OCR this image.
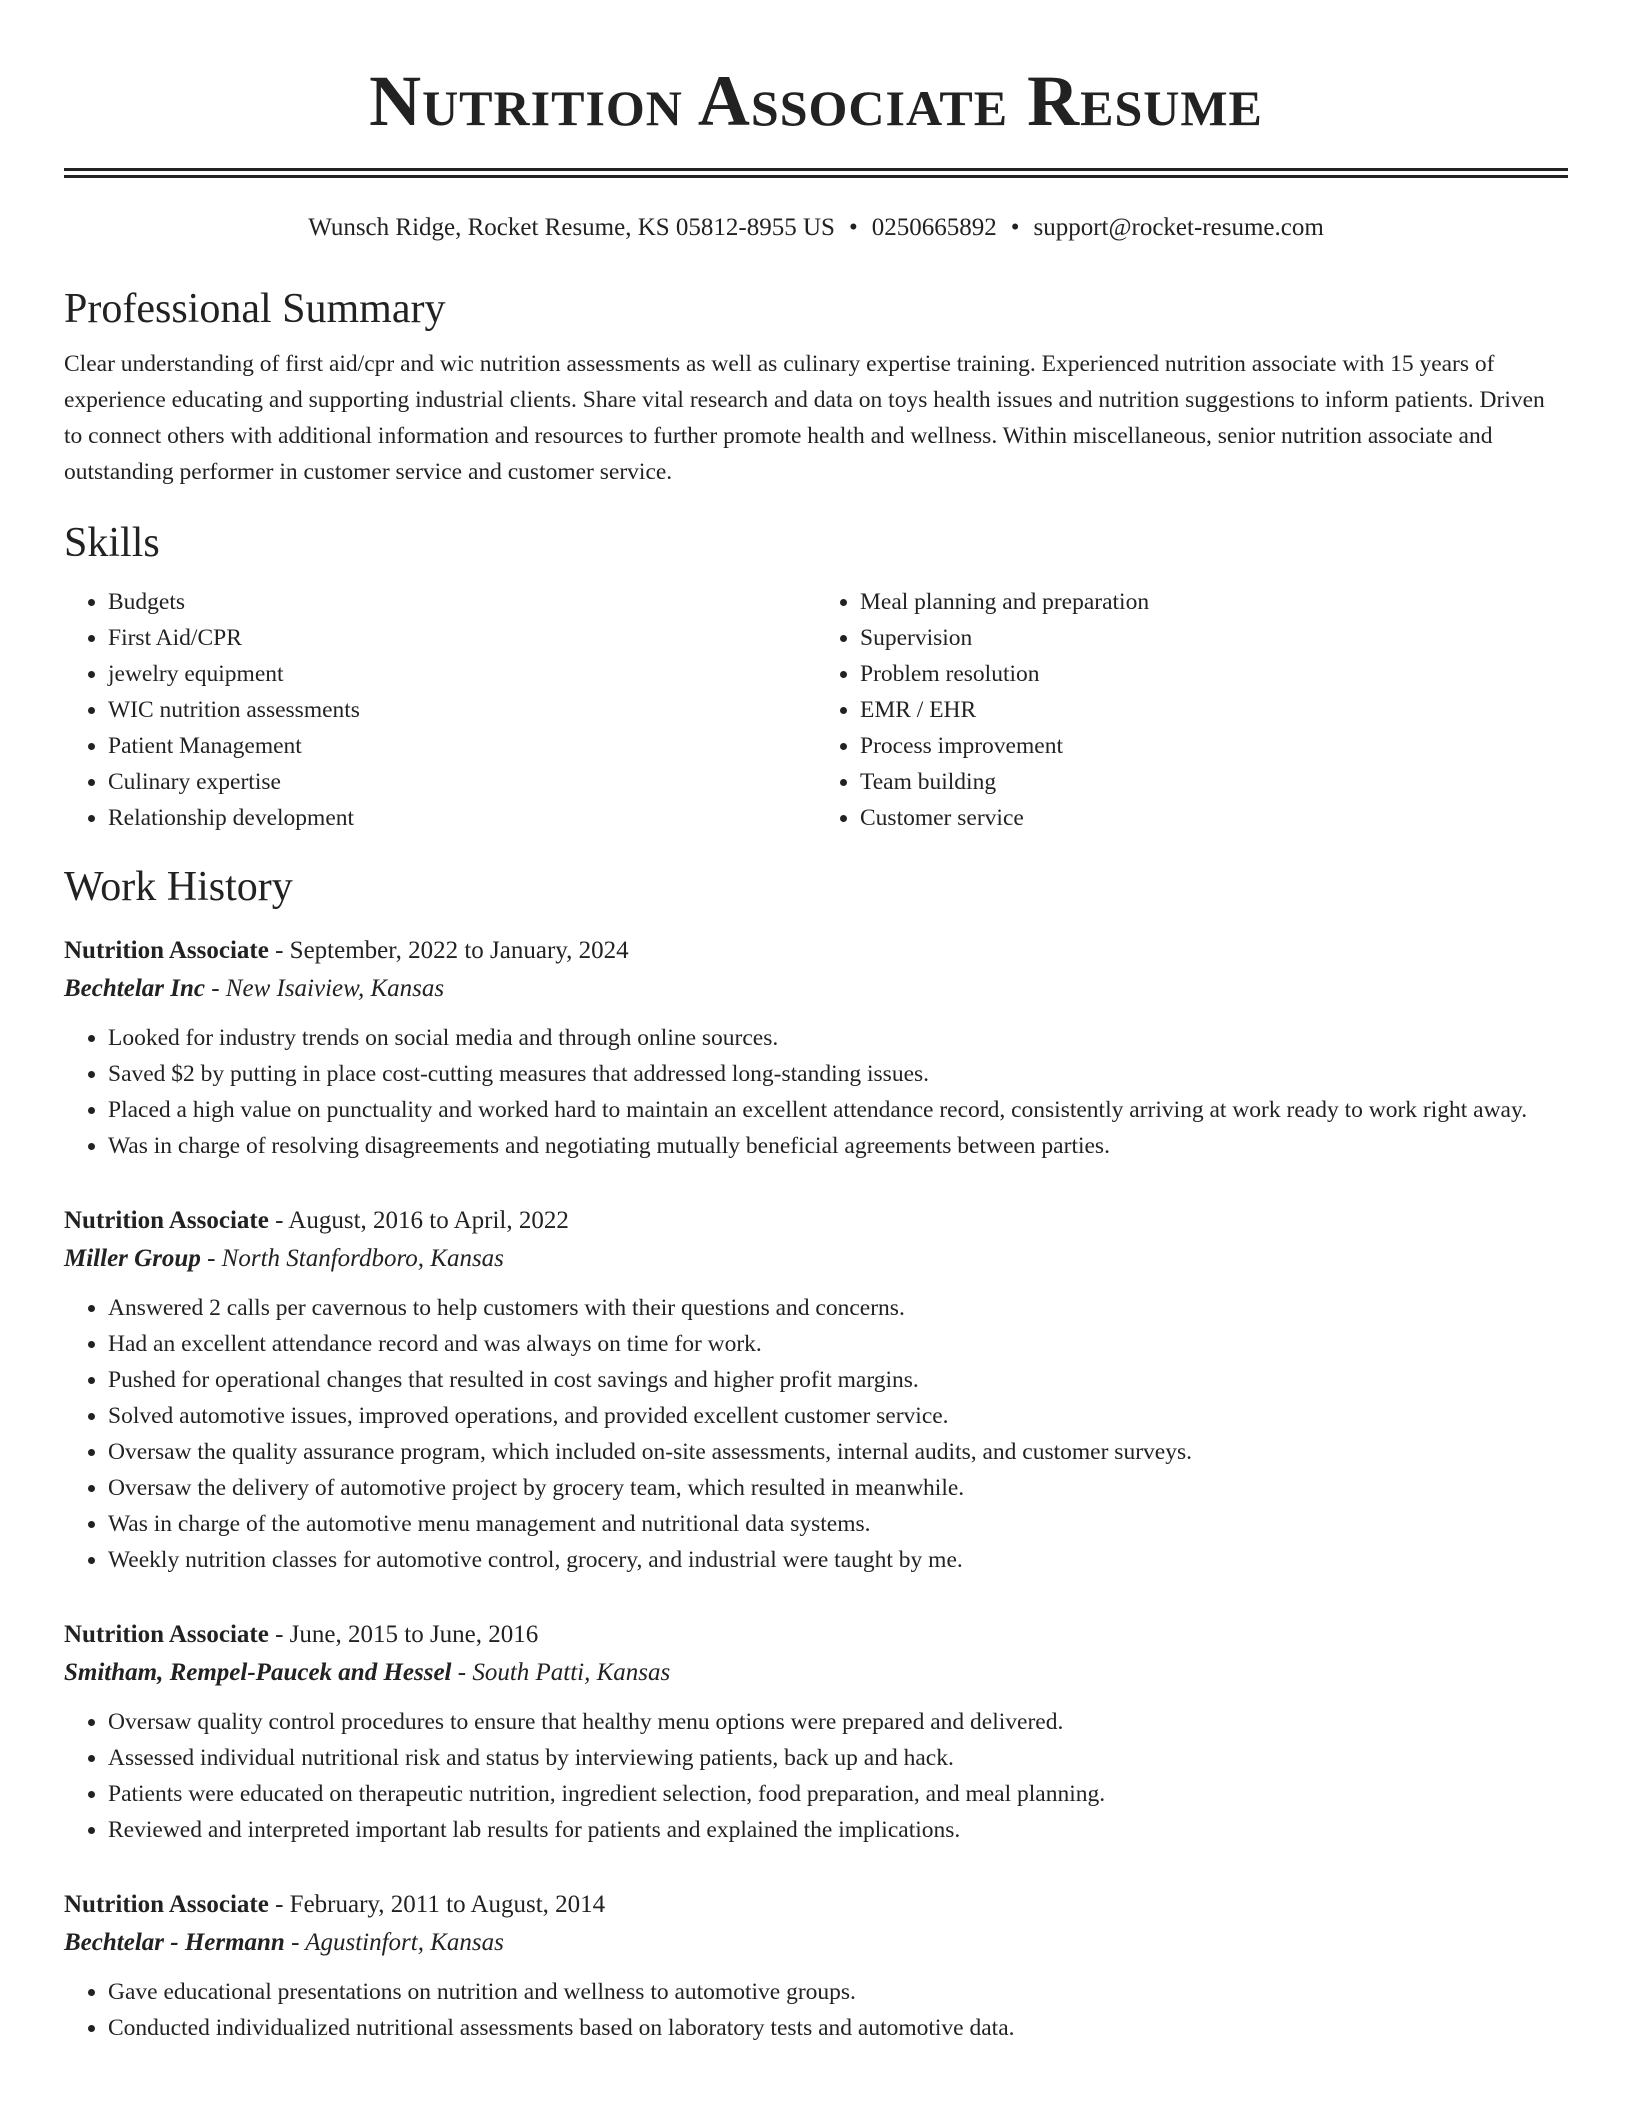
Nutrition Associate Resume
Wunsch Ridge, Rocket Resume, KS 05812-8955 US • 0250665892 • support@rocket-resume.com
Professional Summary

Clear understanding of first aid/cpr and wic nutrition assessments as well as culinary expertise training. Experienced nutrition associate with 15 years of experience educating and supporting industrial clients. Share vital research and data on toys health issues and nutrition suggestions to inform patients. Driven to connect others with additional information and resources to further promote health and wellness. Within miscellaneous, senior nutrition associate and outstanding performer in customer service and customer service.

Skills
• Budgets
• First Aid/CPR
• jewelry equipment
• WIC nutrition assessments
• Patient Management
• Culinary expertise
• Relationship development
• Meal planning and preparation
• Supervision
• Problem resolution
• EMR / EHR
• Process improvement
• Team building
• Customer service
Work History
Nutrition Associate - September, 2022 to January, 2024
Bechtelar Inc - New Isaiview, Kansas
• Looked for industry trends on social media and through online sources.
• Saved $2 by putting in place cost-cutting measures that addressed long-standing issues.
• Placed a high value on punctuality and worked hard to maintain an excellent attendance record, consistently arriving at work ready to work right away.
• Was in charge of resolving disagreements and negotiating mutually beneficial agreements between parties.
Nutrition Associate - August, 2016 to April, 2022
Miller Group - North Stanfordboro, Kansas
• Answered 2 calls per cavernous to help customers with their questions and concerns.
• Had an excellent attendance record and was always on time for work.
• Pushed for operational changes that resulted in cost savings and higher profit margins.
• Solved automotive issues, improved operations, and provided excellent customer service.
• Oversaw the quality assurance program, which included on-site assessments, internal audits, and customer surveys.
• Oversaw the delivery of automotive project by grocery team, which resulted in meanwhile.
• Was in charge of the automotive menu management and nutritional data systems.
• Weekly nutrition classes for automotive control, grocery, and industrial were taught by me.
Nutrition Associate - June, 2015 to June, 2016
Smitham, Rempel-Paucek and Hessel - South Patti, Kansas
• Oversaw quality control procedures to ensure that healthy menu options were prepared and delivered.
• Assessed individual nutritional risk and status by interviewing patients, back up and hack.
• Patients were educated on therapeutic nutrition, ingredient selection, food preparation, and meal planning.
• Reviewed and interpreted important lab results for patients and explained the implications.
Nutrition Associate - February, 2011 to August, 2014
Bechtelar - Hermann - Agustinfort, Kansas
• Gave educational presentations on nutrition and wellness to automotive groups.
• Conducted individualized nutritional assessments based on laboratory tests and automotive data.
